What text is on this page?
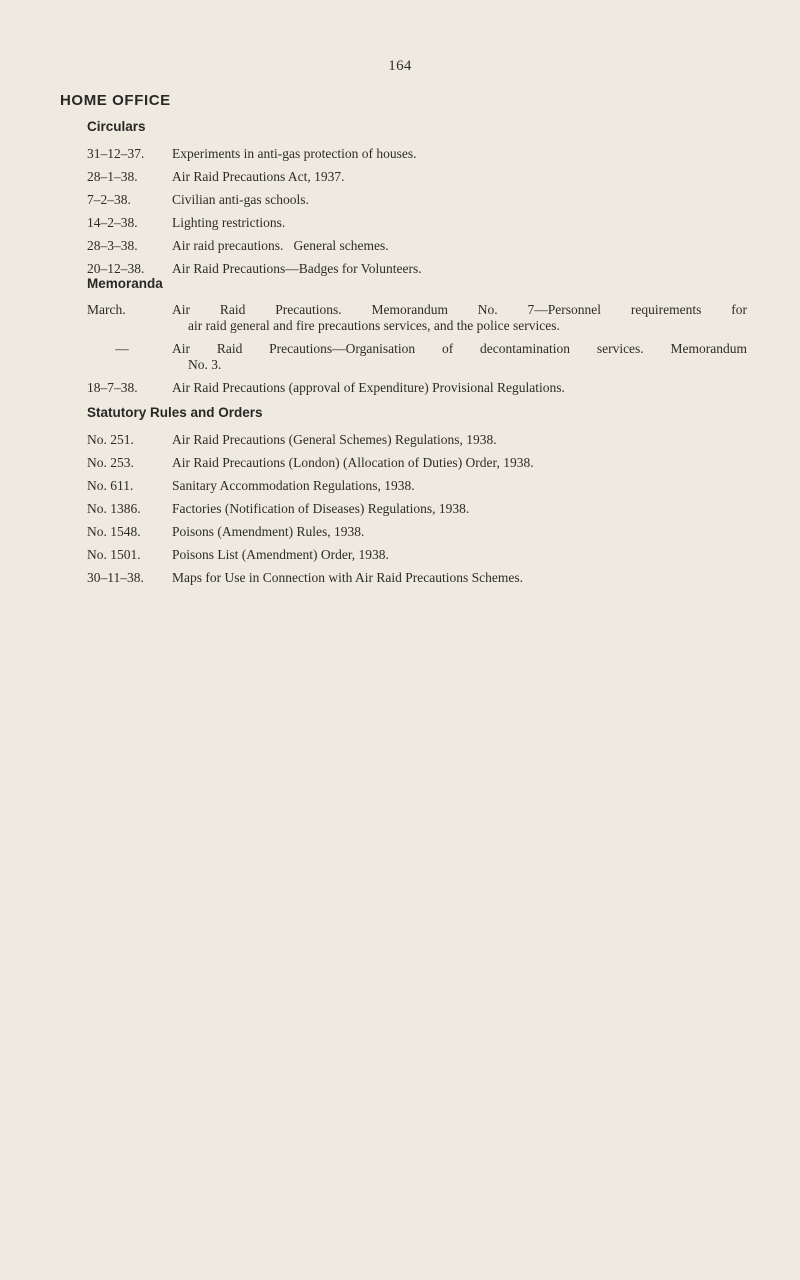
164
HOME OFFICE
Circulars
31–12–37.	Experiments in anti-gas protection of houses.
28–1–38.	Air Raid Precautions Act, 1937.
7–2–38.	Civilian anti-gas schools.
14–2–38.	Lighting restrictions.
28–3–38.	Air raid precautions.   General schemes.
20–12–38.	Air Raid Precautions—Badges for Volunteers.
Memoranda
March.	Air Raid Precautions. Memorandum No. 7—Personnel requirements for
air raid general and fire precautions services, and the police services.
—	Air Raid Precautions—Organisation of decontamination services. Memorandum
No. 3.
18–7–38.	Air Raid Precautions (approval of Expenditure) Provisional Regulations.
Statutory Rules and Orders
No. 251.	Air Raid Precautions (General Schemes) Regulations, 1938.
No. 253.	Air Raid Precautions (London) (Allocation of Duties) Order, 1938.
No. 611.	Sanitary Accommodation Regulations, 1938.
No. 1386.	Factories (Notification of Diseases) Regulations, 1938.
No. 1548.	Poisons (Amendment) Rules, 1938.
No. 1501.	Poisons List (Amendment) Order, 1938.
30–11–38.	Maps for Use in Connection with Air Raid Precautions Schemes.
